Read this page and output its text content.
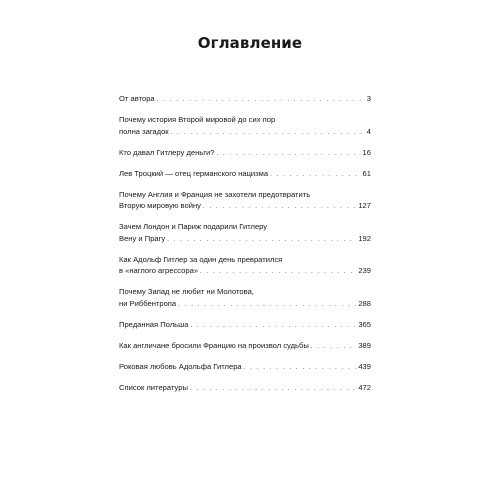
Оглавление
От автора . . .	3
Почему история Второй мировой до сих пор
полна загадок . . .	4
Кто давал Гитлеру деньги? . . .	16
Лев Троцкий — отец германского нацизма . . .	61
Почему Англия и Франция не захотели предотвратить
Вторую мировую войну . . .	127
Зачем Лондон и Париж подарили Гитлеру
Вену и Прагу . . .	192
Как Адольф Гитлер за один день превратился
в «наглого агрессора» . . .	239
Почему Запад не любит ни Молотова,
ни Риббентропа . . .	288
Преданная Польша . . .	365
Как англичане бросили Францию на произвол судьбы . . .	389
Роковая любовь Адольфа Гитлера . . .	439
Список литературы . . .	472
